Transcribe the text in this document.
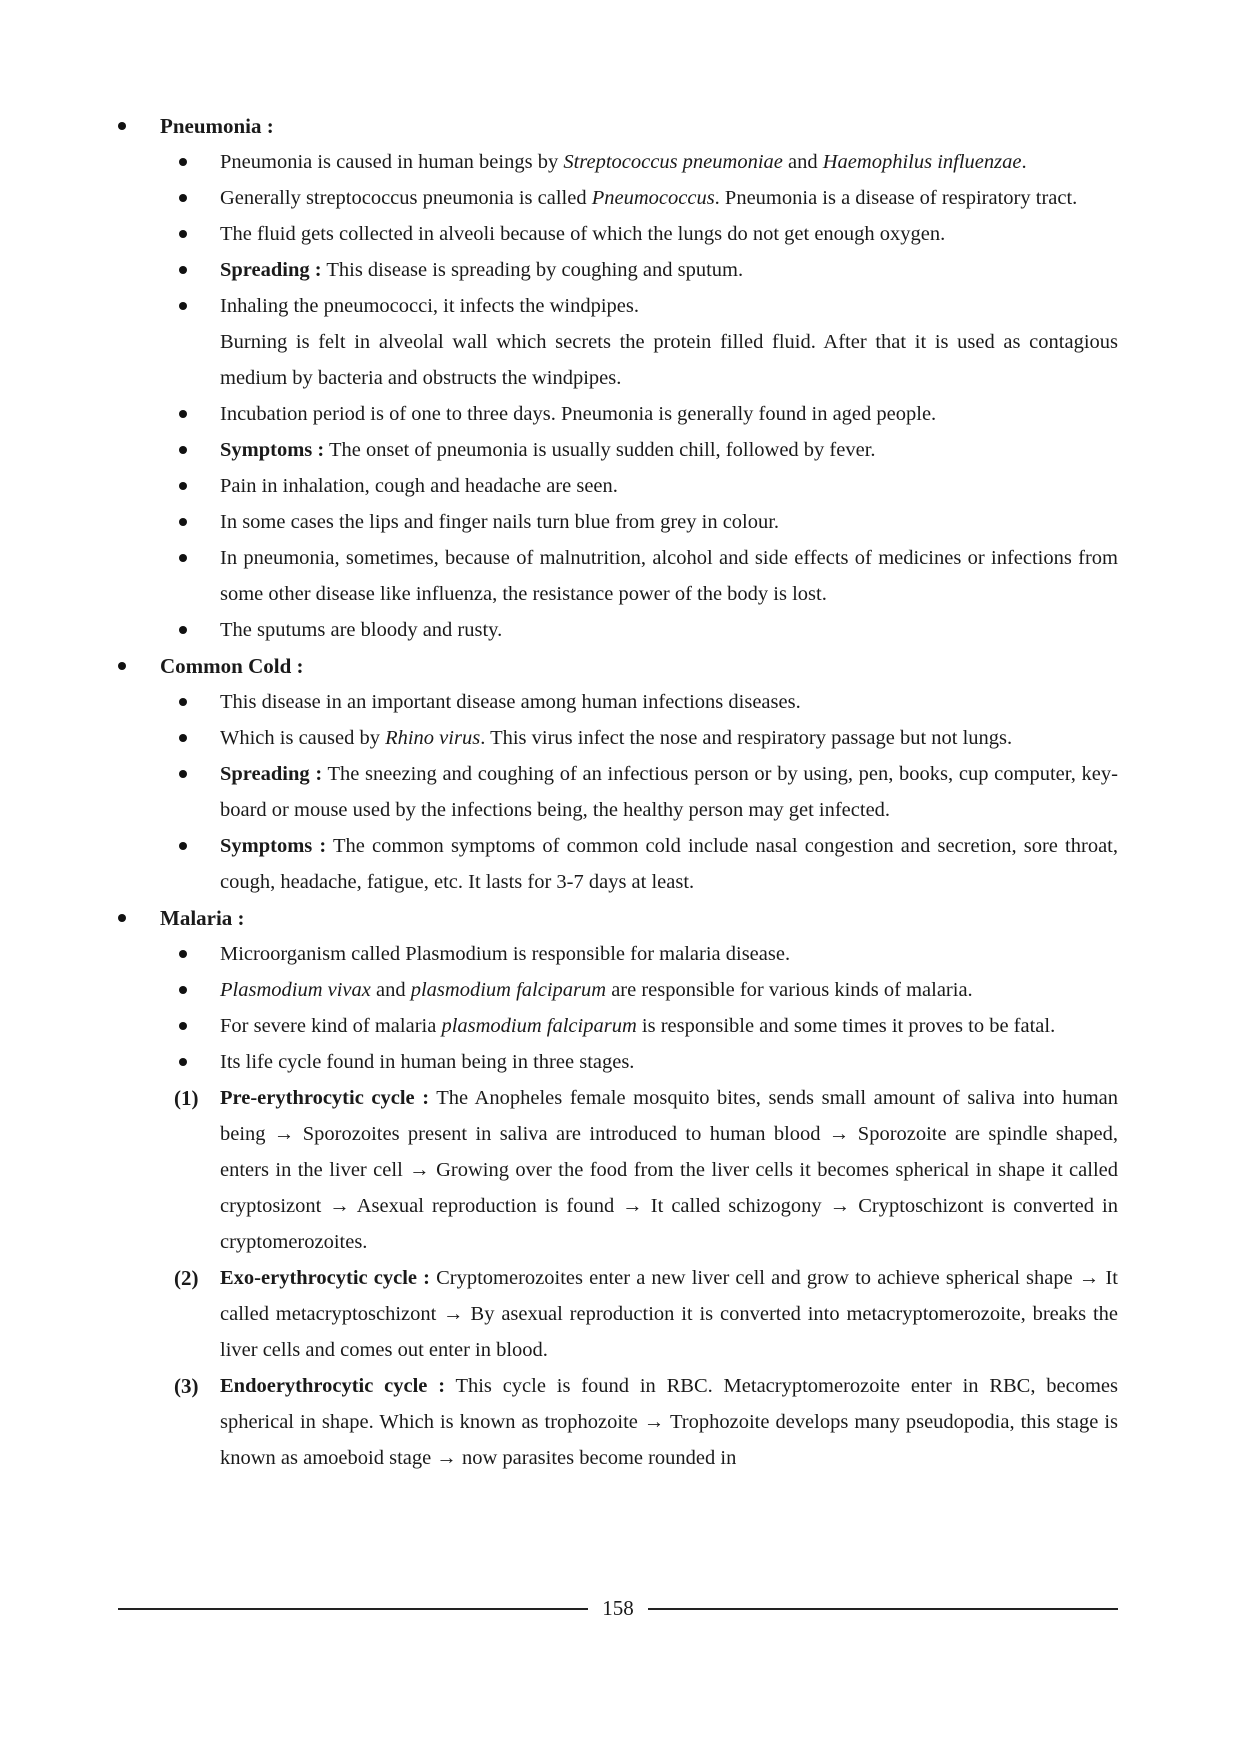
Pneumonia :
Pneumonia is caused in human beings by Streptococcus pneumoniae and Haemophilus influenzae.
Generally streptococcus pneumonia is called Pneumococcus. Pneumonia is a disease of respiratory tract.
The fluid gets collected in alveoli because of which the lungs do not get enough oxygen.
Spreading : This disease is spreading by coughing and sputum.
Inhaling the pneumococci, it infects the windpipes.
Burning is felt in alveolal wall which secrets the protein filled fluid. After that it is used as contagious medium by bacteria and obstructs the windpipes.
Incubation period is of one to three days. Pneumonia is generally found in aged people.
Symptoms : The onset of pneumonia is usually sudden chill, followed by fever.
Pain in inhalation, cough and headache are seen.
In some cases the lips and finger nails turn blue from grey in colour.
In pneumonia, sometimes, because of malnutrition, alcohol and side effects of medicines or infections from some other disease like influenza, the resistance power of the body is lost.
The sputums are bloody and rusty.
Common Cold :
This disease in an important disease among human infections diseases.
Which is caused by Rhino virus. This virus infect the nose and respiratory passage but not lungs.
Spreading : The sneezing and coughing of an infectious person or by using, pen, books, cup computer, key-board or mouse used by the infections being, the healthy person may get infected.
Symptoms : The common symptoms of common cold include nasal congestion and secretion, sore throat, cough, headache, fatigue, etc. It lasts for 3-7 days at least.
Malaria :
Microorganism called Plasmodium is responsible for malaria disease.
Plasmodium vivax and plasmodium falciparum are responsible for various kinds of malaria.
For severe kind of malaria plasmodium falciparum is responsible and some times it proves to be fatal.
Its life cycle found in human being in three stages.
(1) Pre-erythrocytic cycle : The Anopheles female mosquito bites, sends small amount of saliva into human being → Sporozoites present in saliva are introduced to human blood → Sporozoite are spindle shaped, enters in the liver cell → Growing over the food from the liver cells it becomes spherical in shape it called cryptosizont → Asexual reproduction is found → It called schizogony → Cryptoschizont is converted in cryptomerozoites.
(2) Exo-erythrocytic cycle : Cryptomerozoites enter a new liver cell and grow to achieve spherical shape → It called metacryptoschizont → By asexual reproduction it is converted into metacryptomerozoite, breaks the liver cells and comes out enter in blood.
(3) Endoerythrocytic cycle : This cycle is found in RBC. Metacryptomerozoite enter in RBC, becomes spherical in shape. Which is known as trophozoite → Trophozoite develops many pseudopodia, this stage is known as amoeboid stage → now parasites become rounded in
158
